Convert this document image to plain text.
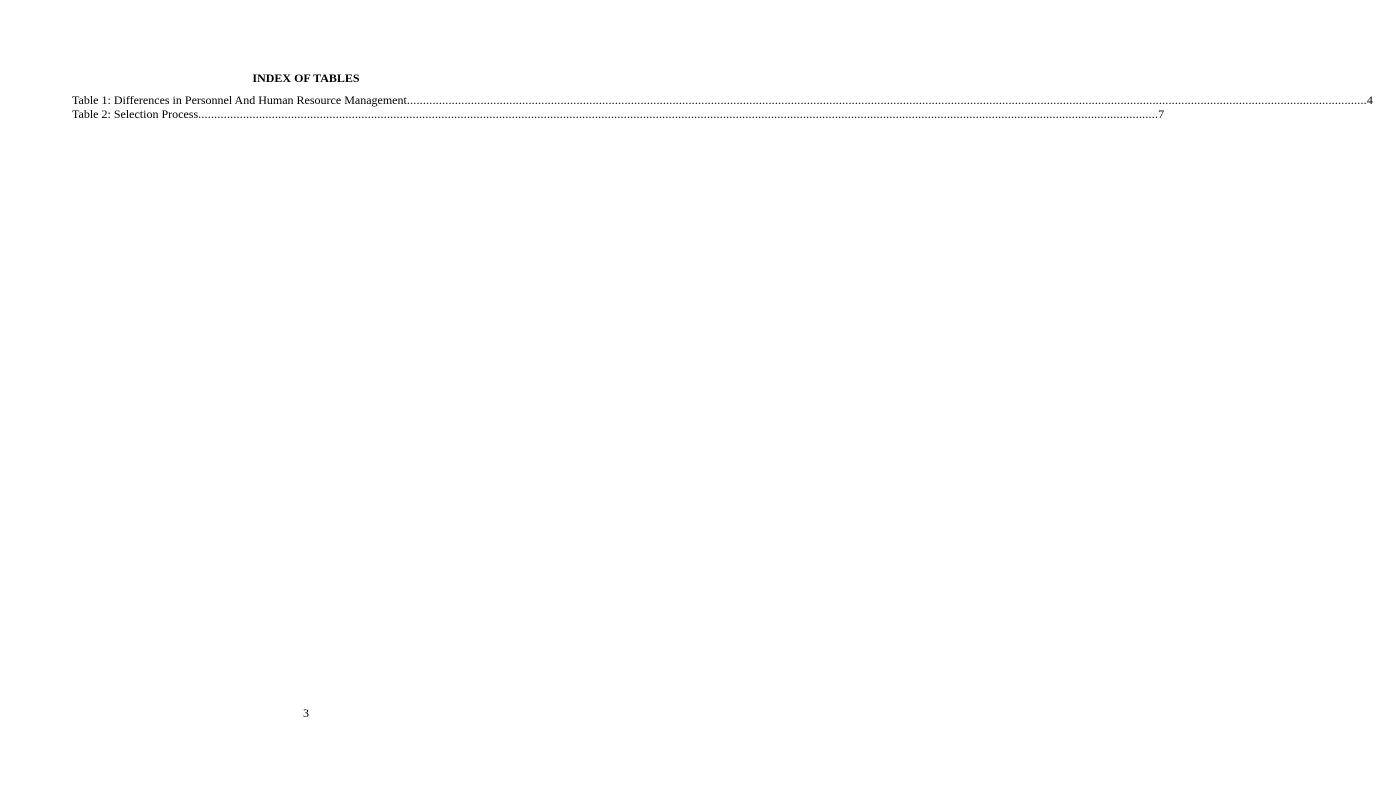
INDEX OF TABLES
Table 1: Differences in Personnel And Human Resource Management ............................................................................................................................................................................................................................................................................................................ 4
Table 2: Selection Process ............................................................................................................................................................................................................................................................................................................ 7
3
